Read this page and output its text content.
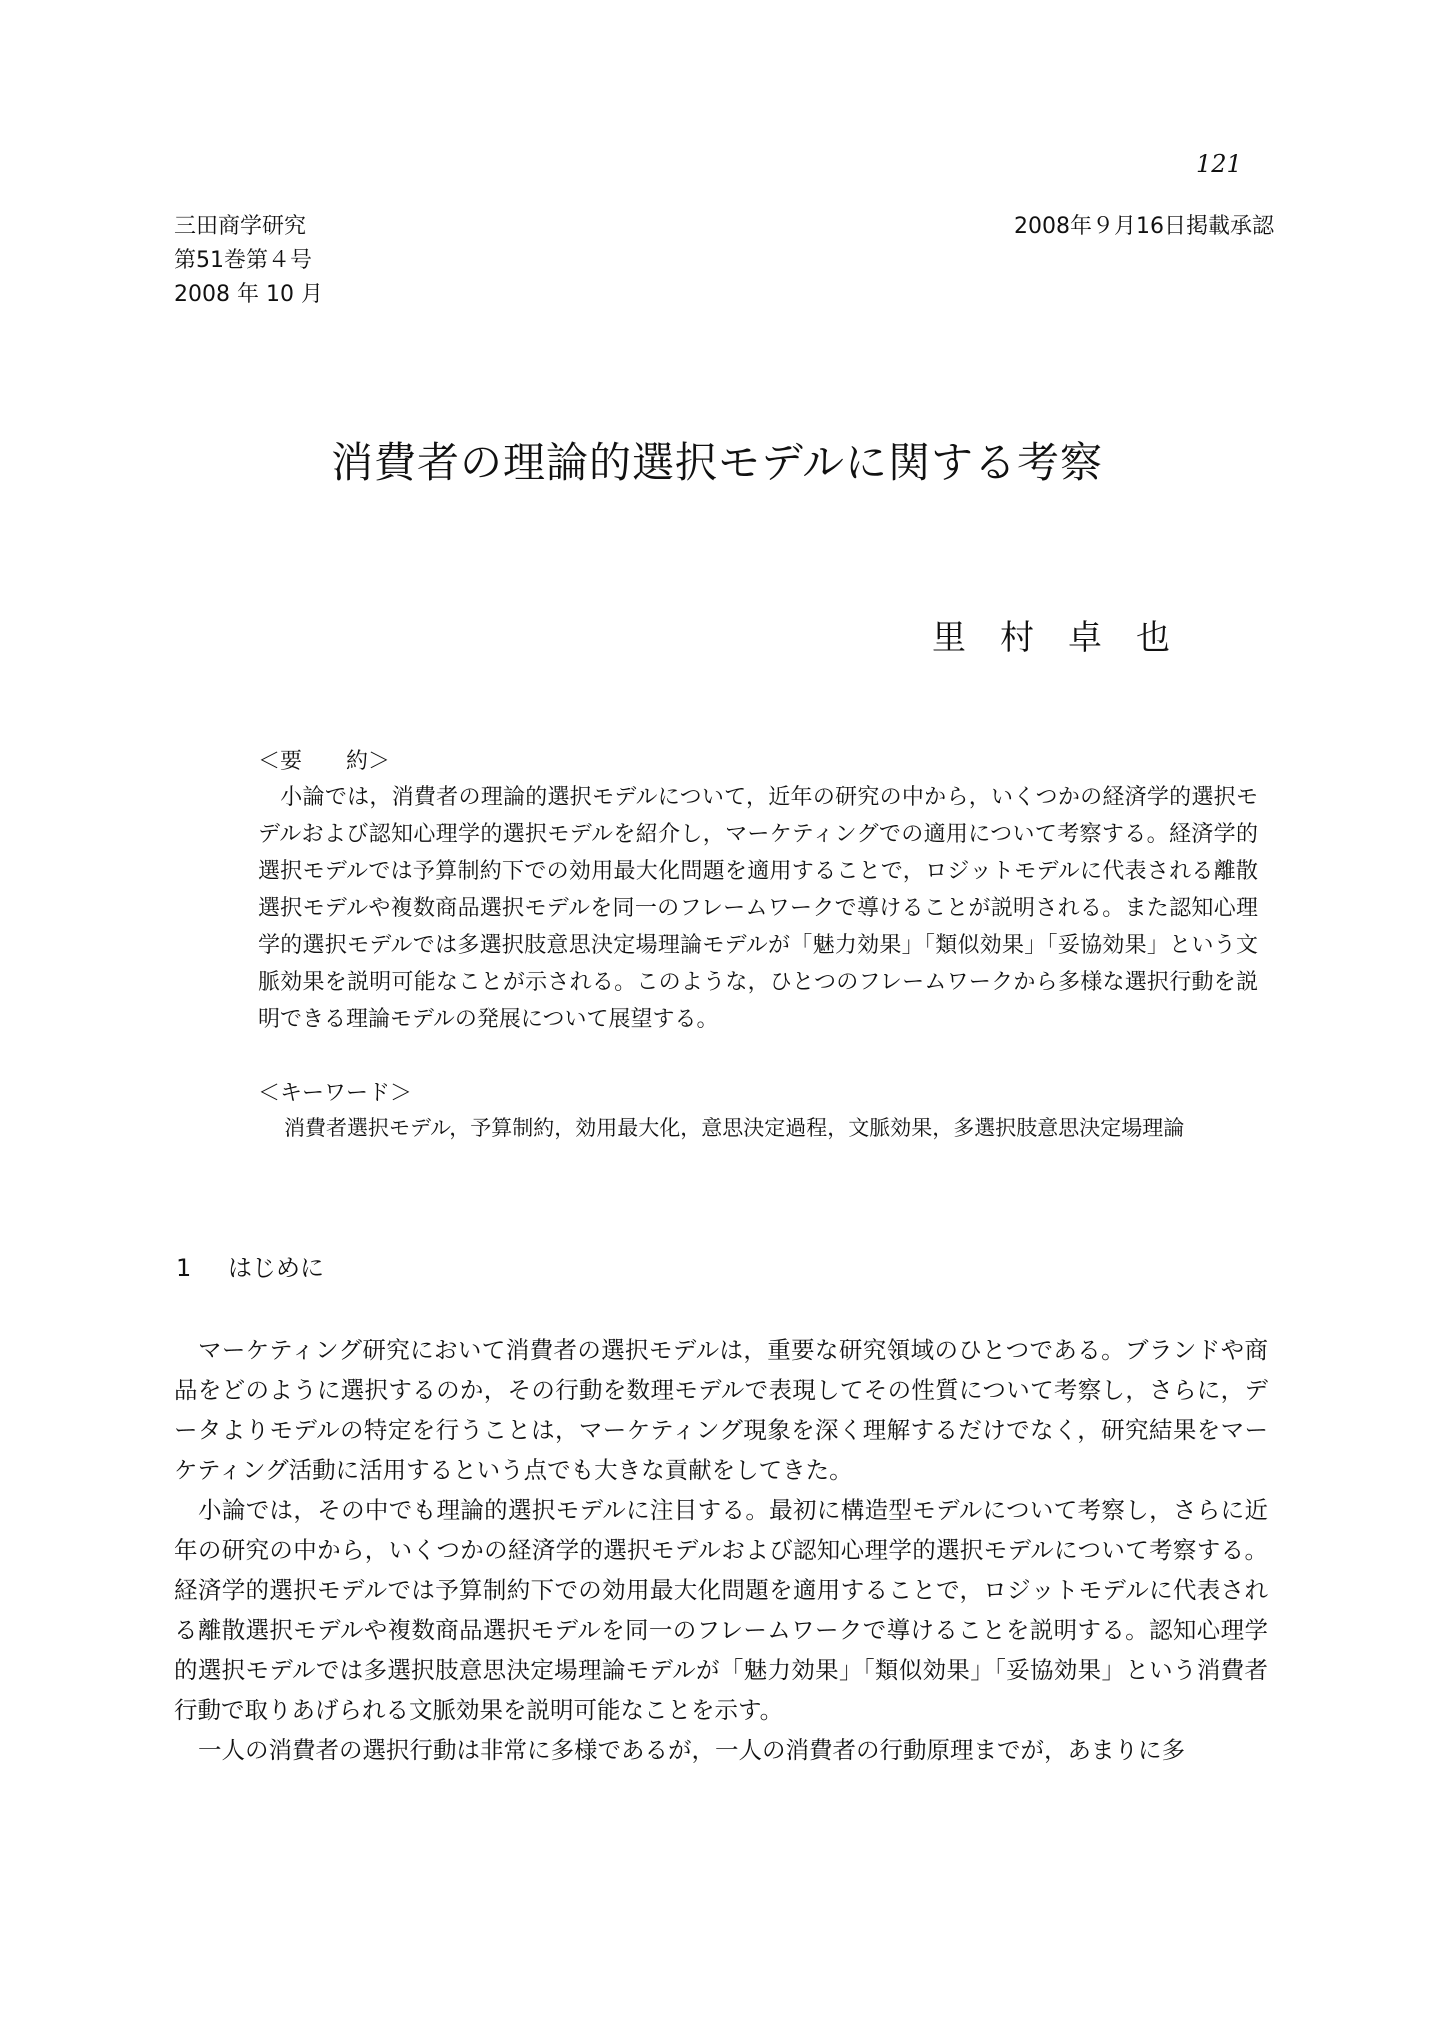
121
三田商学研究
第51巻第４号
2008 年 10 月
2008年９月16日掲載承認
消費者の理論的選択モデルに関する考察
里村卓也
＜要　　約＞

　小論では，消費者の理論的選択モデルについて，近年の研究の中から，いくつかの経済学的選択モデルおよび認知心理学的選択モデルを紹介し，マーケティングでの適用について考察する。経済学的選択モデルでは予算制約下での効用最大化問題を適用することで，ロジットモデルに代表される離散選択モデルや複数商品選択モデルを同一のフレームワークで導けることが説明される。また認知心理学的選択モデルでは多選択肢意思決定場理論モデルが「魅力効果」「類似効果」「妥協効果」という文脈効果を説明可能なことが示される。このような，ひとつのフレームワークから多様な選択行動を説明できる理論モデルの発展について展望する。

＜キーワード＞
消費者選択モデル，予算制約，効用最大化，意思決定過程，文脈効果，多選択肢意思決定場理論
1 はじめに

マーケティング研究において消費者の選択モデルは，重要な研究領域のひとつである。ブランドや商品をどのように選択するのか，その行動を数理モデルで表現してその性質について考察し，さらに，データよりモデルの特定を行うことは，マーケティング現象を深く理解するだけでなく，研究結果をマーケティング活動に活用するという点でも大きな貢献をしてきた。

小論では，その中でも理論的選択モデルに注目する。最初に構造型モデルについて考察し，さらに近年の研究の中から，いくつかの経済学的選択モデルおよび認知心理学的選択モデルについて考察する。経済学的選択モデルでは予算制約下での効用最大化問題を適用することで，ロジットモデルに代表される離散選択モデルや複数商品選択モデルを同一のフレームワークで導けることを説明する。認知心理学的選択モデルでは多選択肢意思決定場理論モデルが「魅力効果」「類似効果」「妥協効果」という消費者行動で取りあげられる文脈効果を説明可能なことを示す。

一人の消費者の選択行動は非常に多様であるが，一人の消費者の行動原理までが，あまりに多
